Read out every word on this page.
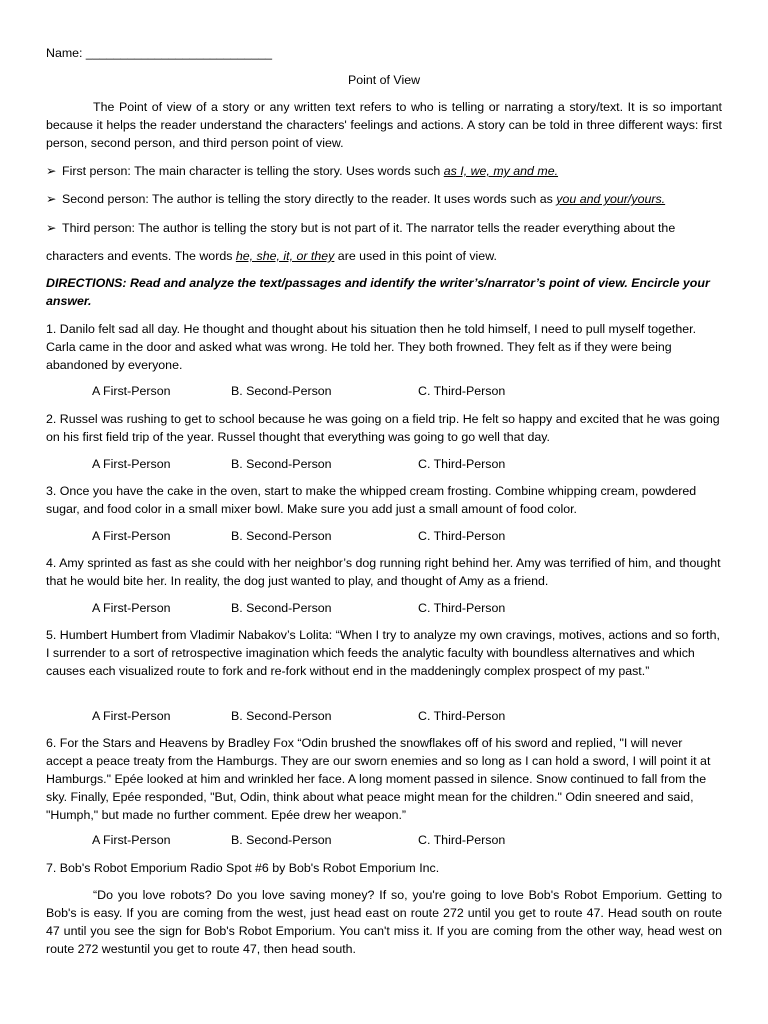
Name: ___________________________

Point of View

The Point of view of a story or any written text refers to who is telling or narrating a story/text. It is so important because it helps the reader understand the characters' feelings and actions. A story can be told in three different ways: first person, second person, and third person point of view.

➢ First person: The main character is telling the story. Uses words such as I, we, my and me.
➢ Second person: The author is telling the story directly to the reader. It uses words such as you and your/yours.
➢ Third person: The author is telling the story but is not part of it. The narrator tells the reader everything about the

characters and events. The words he, she, it, or they are used in this point of view.

DIRECTIONS: Read and analyze the text/passages and identify the writer’s/narrator’s point of view. Encircle your answer.

1. Danilo felt sad all day. He thought and thought about his situation then he told himself, I need to pull myself together. Carla came in the door and asked what was wrong. He told her. They both frowned. They felt as if they were being abandoned by everyone.

A First-Person	B. Second-Person	C. Third-Person

2. Russel was rushing to get to school because he was going on a field trip. He felt so happy and excited that he was going on his first field trip of the year. Russel thought that everything was going to go well that day.

A First-Person	B. Second-Person	C. Third-Person

3. Once you have the cake in the oven, start to make the whipped cream frosting. Combine whipping cream, powdered sugar, and food color in a small mixer bowl. Make sure you add just a small amount of food color.

A First-Person	B. Second-Person	C. Third-Person

4. Amy sprinted as fast as she could with her neighbor’s dog running right behind her. Amy was terrified of him, and thought that he would bite her. In reality, the dog just wanted to play, and thought of Amy as a friend.

A First-Person	B. Second-Person	C. Third-Person

5. Humbert Humbert from Vladimir Nabakov’s Lolita: “When I try to analyze my own cravings, motives, actions and so forth, I surrender to a sort of retrospective imagination which feeds the analytic faculty with boundless alternatives and which causes each visualized route to fork and re-fork without end in the maddeningly complex prospect of my past.”

A First-Person	B. Second-Person	C. Third-Person

6. For the Stars and Heavens by Bradley Fox “Odin brushed the snowflakes off of his sword and replied, "I will never accept a peace treaty from the Hamburgs. They are our sworn enemies and so long as I can hold a sword, I will point it at Hamburgs." Epée looked at him and wrinkled her face. A long moment passed in silence. Snow continued to fall from the sky. Finally, Epée responded, "But, Odin, think about what peace might mean for the children." Odin sneered and said, "Humph," but made no further comment. Epée drew her weapon.”

A First-Person	B. Second-Person	C. Third-Person

7. Bob's Robot Emporium Radio Spot #6 by Bob's Robot Emporium Inc.

“Do you love robots? Do you love saving money? If so, you're going to love Bob's Robot Emporium. Getting to Bob's is easy. If you are coming from the west, just head east on route 272 until you get to route 47. Head south on route 47 until you see the sign for Bob's Robot Emporium. You can't miss it. If you are coming from the other way, head west on route 272 westuntil you get to route 47, then head south.
